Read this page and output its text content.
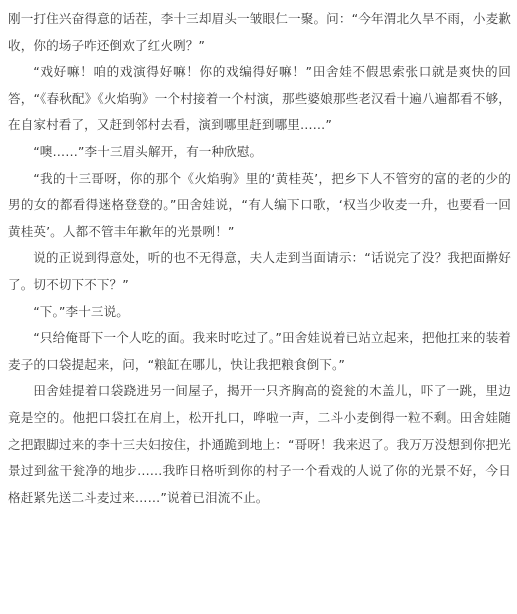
刚一打住兴奋得意的话茬，李十三却眉头一皱眼仁一聚。问：“今年渭北久旱不雨，小麦歉收，你的场子咋还倒欢了红火咧？”

“戏好嘛！咱的戏演得好嘛！你的戏编得好嘛！”田舍娃不假思索张口就是爽快的回答，“《春秋配》《火焰驹》一个村接着一个村演，那些婆娘那些老汉看十遍八遍都看不够，在自家村看了，又赶到邻村去看，演到哪里赶到哪里……”

“噢……”李十三眉头解开，有一种欣慰。

“我的十三哥呀，你的那个《火焰驹》里的‘黄桂英’，把乡下人不管穷的富的老的少的男的女的都看得迷格登登的。”田舍娃说，“有人编下口歌，‘权当少收麦一升，也要看一回黄桂英’。人都不管丰年歉年的光景咧！”

说的正说到得意处，听的也不无得意，夫人走到当面请示：“话说完了没？我把面擀好了。切不切下不下？”

“下。”李十三说。

“只给俺哥下一个人吃的面。我来时吃过了。”田舍娃说着已站立起来，把他扛来的装着麦子的口袋提起来，问，“粮缸在哪儿，快让我把粮食倒下。”

田舍娃提着口袋跷进另一间屋子，揭开一只齐胸高的瓷瓮的木盖儿，吓了一跳，里边竟是空的。他把口袋扛在肩上，松开扎口，哗啦一声，二斗小麦倒得一粒不剩。田舍娃随之把跟脚过来的李十三夫妇按住，扑通跪到地上：“哥呀！我来迟了。我万万没想到你把光景过到盆干瓮净的地步……我昨日格听到你的村子一个看戏的人说了你的光景不好，今日格赶紧先送二斗麦过来……”说着已泪流不止。
